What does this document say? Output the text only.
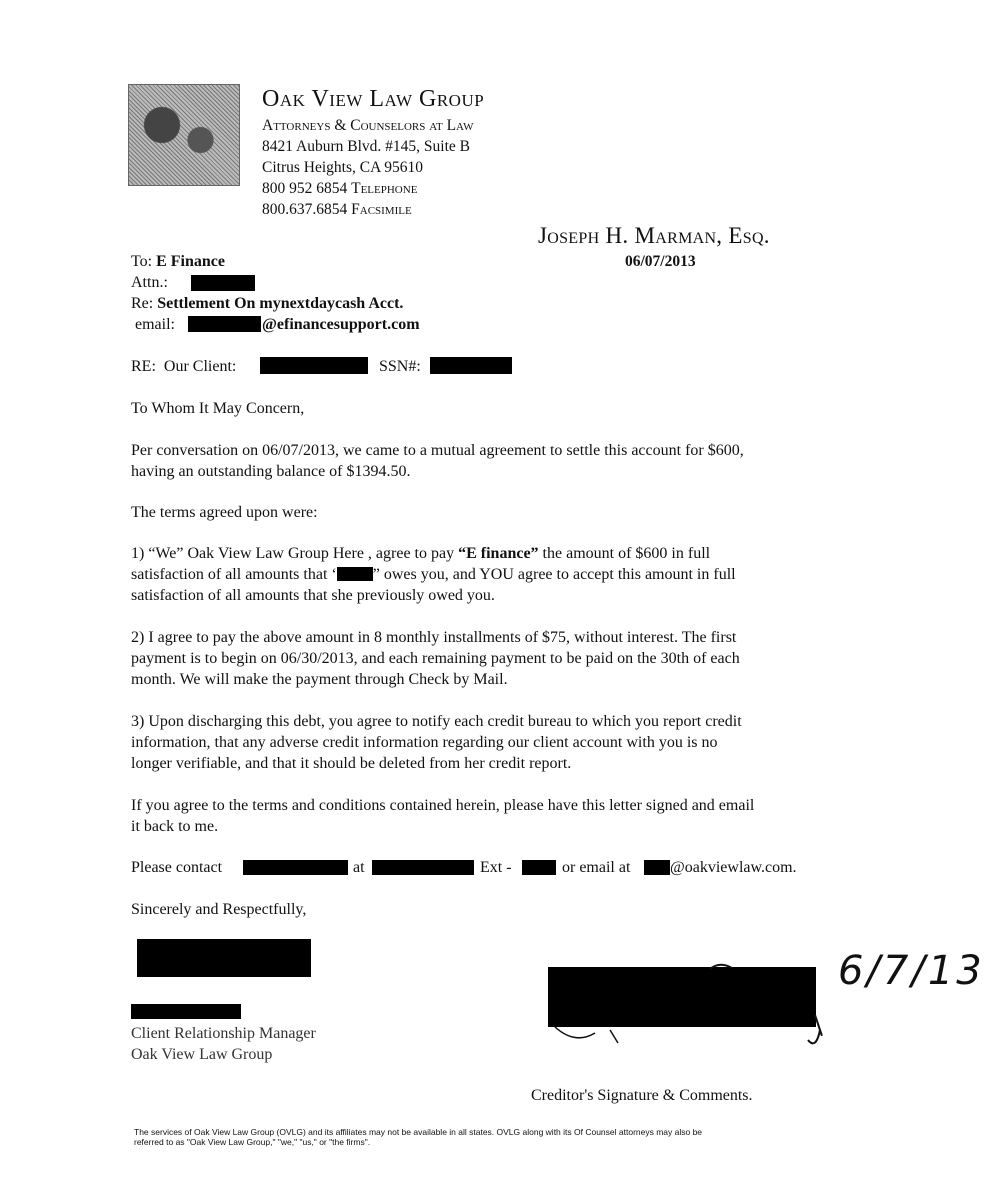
Oak View Law Group
Attorneys & Counselors at Law
8421 Auburn Blvd. #145, Suite B
Citrus Heights, CA 95610
800 952 6854 Telephone
800.637.6854 Facsimile
Joseph H. Marman, Esq.
06/07/2013
To: E Finance
Attn.:
Re: Settlement On mynextdaycash Acct.
email:	@efinancesupport.com
RE: Our Client:	SSN#:
To Whom It May Concern,
Per conversation on 06/07/2013, we came to a mutual agreement to settle this account for $600,
having an outstanding balance of $1394.50.
The terms agreed upon were:
1) “We” Oak View Law Group Here , agree to pay “E finance” the amount of $600 in full
satisfaction of all amounts that ‘ ” owes you, and YOU agree to accept this amount in full
satisfaction of all amounts that she previously owed you.
2) I agree to pay the above amount in 8 monthly installments of $75, without interest. The first
payment is to begin on 06/30/2013, and each remaining payment to be paid on the 30th of each
month. We will make the payment through Check by Mail.
3) Upon discharging this debt, you agree to notify each credit bureau to which you report credit
information, that any adverse credit information regarding our client account with you is no
longer verifiable, and that it should be deleted from her credit report.
If you agree to the terms and conditions contained herein, please have this letter signed and email
it back to me.
Please contact	at	Ext -	or email at @oakviewlaw.com.
Sincerely and Respectfully,
Client Relationship Manager
Oak View Law Group
6/7/13
Creditor's Signature & Comments.
The services of Oak View Law Group (OVLG) and its affiliates may not be available in all states. OVLG along with its Of Counsel attorneys may also be
referred to as "Oak View Law Group," "we," "us," or "the firms".
